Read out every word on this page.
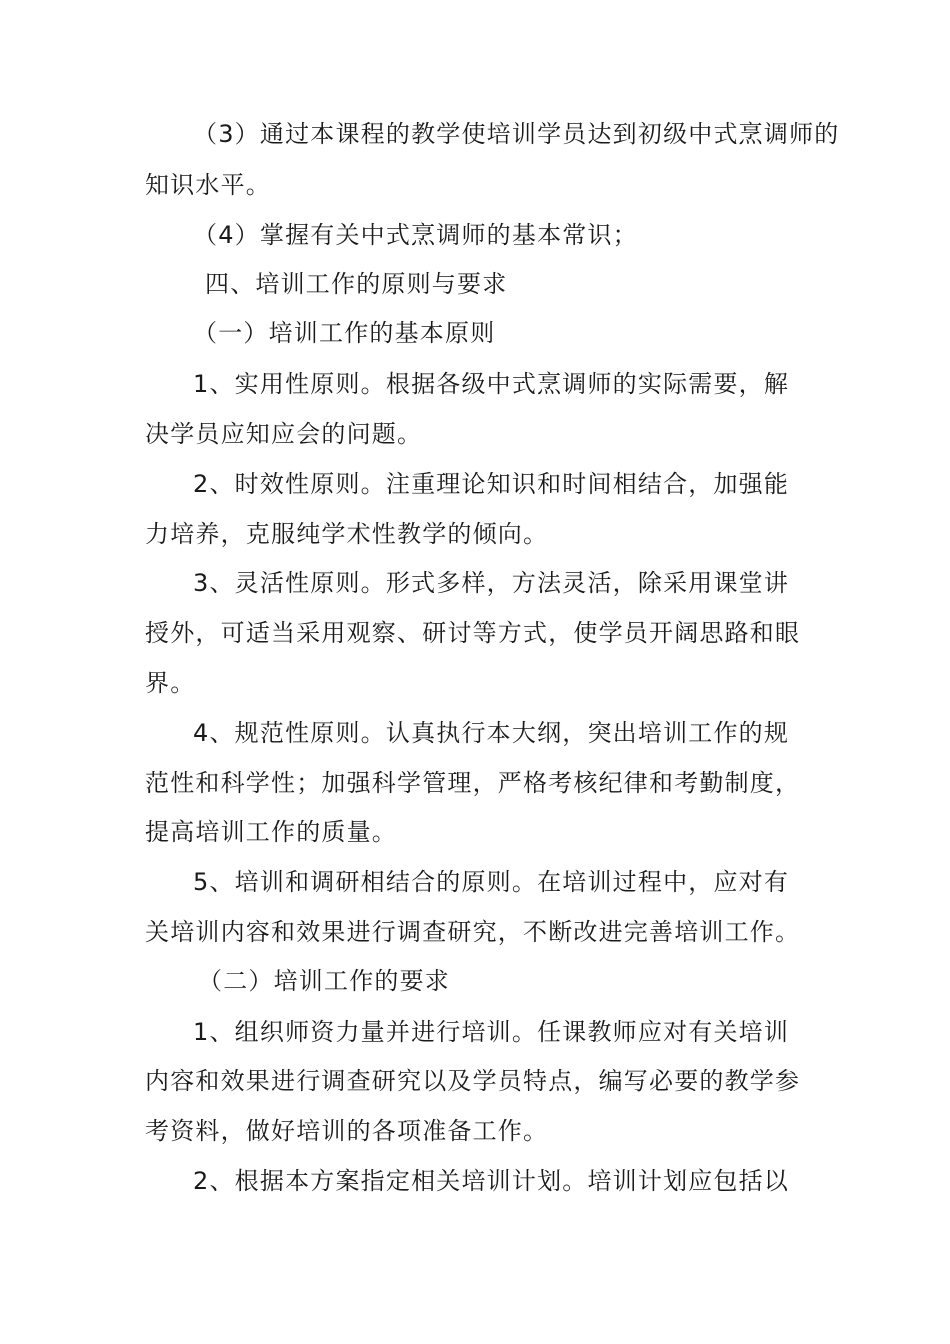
（3）通过本课程的教学使培训学员达到初级中式烹调师的
知识水平。
（4）掌握有关中式烹调师的基本常识；
四、培训工作的原则与要求
（一）培训工作的基本原则
1、实用性原则。根据各级中式烹调师的实际需要，解
决学员应知应会的问题。
2、时效性原则。注重理论知识和时间相结合，加强能
力培养，克服纯学术性教学的倾向。
3、灵活性原则。形式多样，方法灵活，除采用课堂讲
授外，可适当采用观察、研讨等方式，使学员开阔思路和眼
界。
4、规范性原则。认真执行本大纲，突出培训工作的规
范性和科学性；加强科学管理，严格考核纪律和考勤制度，
提高培训工作的质量。
5、培训和调研相结合的原则。在培训过程中，应对有
关培训内容和效果进行调查研究，不断改进完善培训工作。
（二）培训工作的要求
1、组织师资力量并进行培训。任课教师应对有关培训
内容和效果进行调查研究以及学员特点，编写必要的教学参
考资料，做好培训的各项准备工作。
2、根据本方案指定相关培训计划。培训计划应包括以
